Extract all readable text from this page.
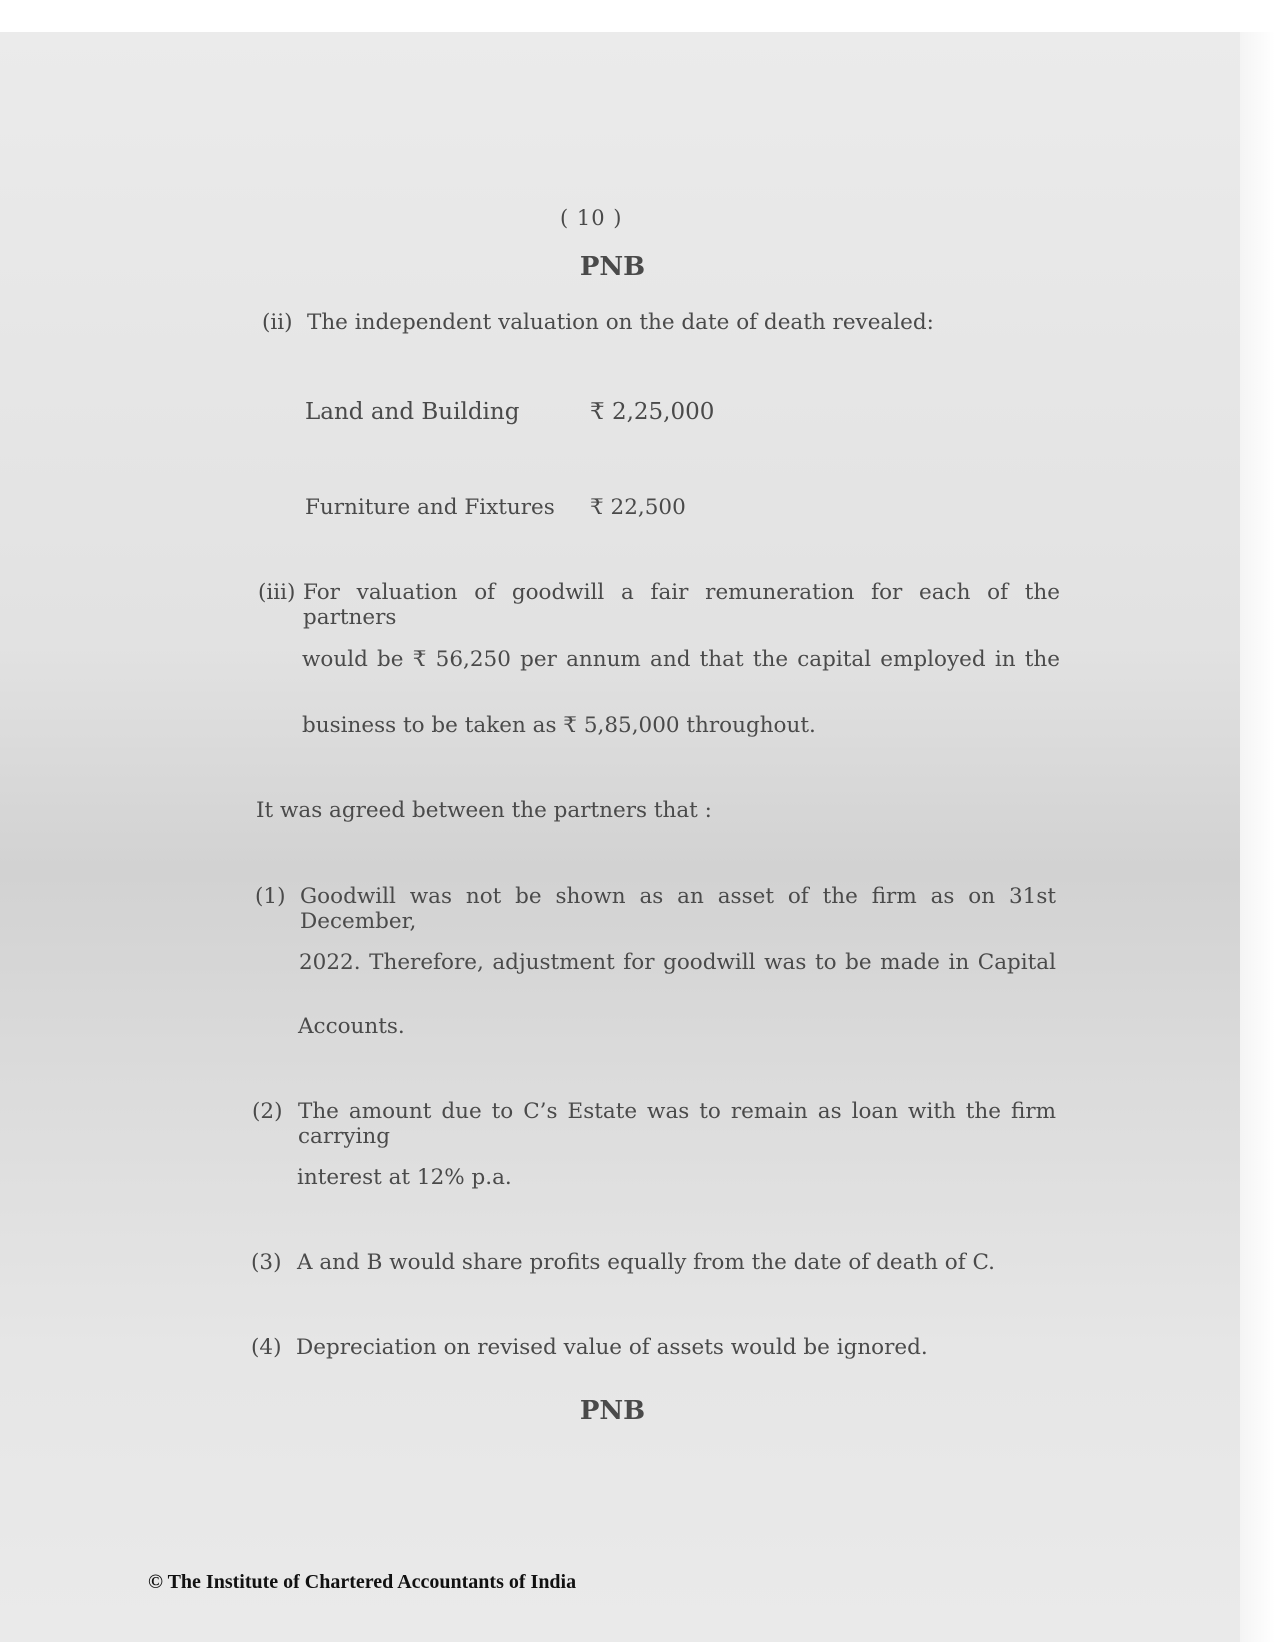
( 10 )
PNB
(ii) The independent valuation on the date of death revealed:
Land and Building	₹ 2,25,000
Furniture and Fixtures ₹ 22,500
(iii) For valuation of goodwill a fair remuneration for each of the partners
would be ₹ 56,250 per annum and that the capital employed in the
business to be taken as ₹ 5,85,000 throughout.
It was agreed between the partners that :
(1) Goodwill was not be shown as an asset of the firm as on 31st December,
2022. Therefore, adjustment for goodwill was to be made in Capital
Accounts.
(2) The amount due to C’s Estate was to remain as loan with the firm carrying
interest at 12% p.a.
(3) A and B would share profits equally from the date of death of C.
(4) Depreciation on revised value of assets would be ignored.
PNB
© The Institute of Chartered Accountants of India
